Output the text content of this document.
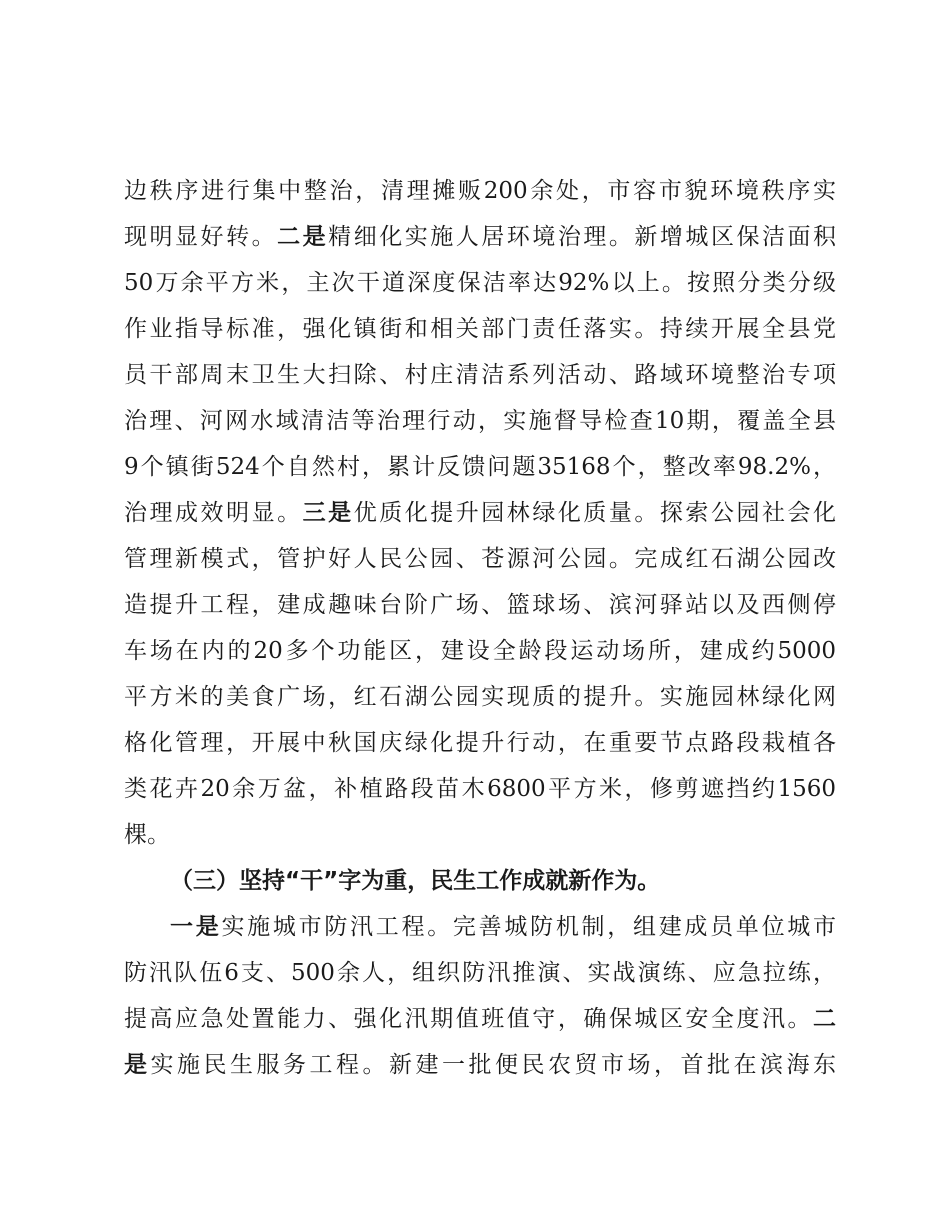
边秩序进行集中整治，清理摊贩200余处，市容市貌环境秩序实
现明显好转。二是精细化实施人居环境治理。新增城区保洁面积
50万余平方米，主次干道深度保洁率达92%以上。按照分类分级
作业指导标准，强化镇街和相关部门责任落实。持续开展全县党
员干部周末卫生大扫除、村庄清洁系列活动、路域环境整治专项
治理、河网水域清洁等治理行动，实施督导检查10期，覆盖全县
9个镇街524个自然村，累计反馈问题35168个，整改率98.2%，
治理成效明显。三是优质化提升园林绿化质量。探索公园社会化
管理新模式，管护好人民公园、苍源河公园。完成红石湖公园改
造提升工程，建成趣味台阶广场、篮球场、滨河驿站以及西侧停
车场在内的20多个功能区，建设全龄段运动场所，建成约5000
平方米的美食广场，红石湖公园实现质的提升。实施园林绿化网
格化管理，开展中秋国庆绿化提升行动，在重要节点路段栽植各
类花卉20余万盆，补植路段苗木6800平方米，修剪遮挡约1560
棵。
（三）坚持“干”字为重，民生工作成就新作为。
一是实施城市防汛工程。完善城防机制，组建成员单位城市
防汛队伍6支、500余人，组织防汛推演、实战演练、应急拉练，
提高应急处置能力、强化汛期值班值守，确保城区安全度汛。二
是实施民生服务工程。新建一批便民农贸市场，首批在滨海东
